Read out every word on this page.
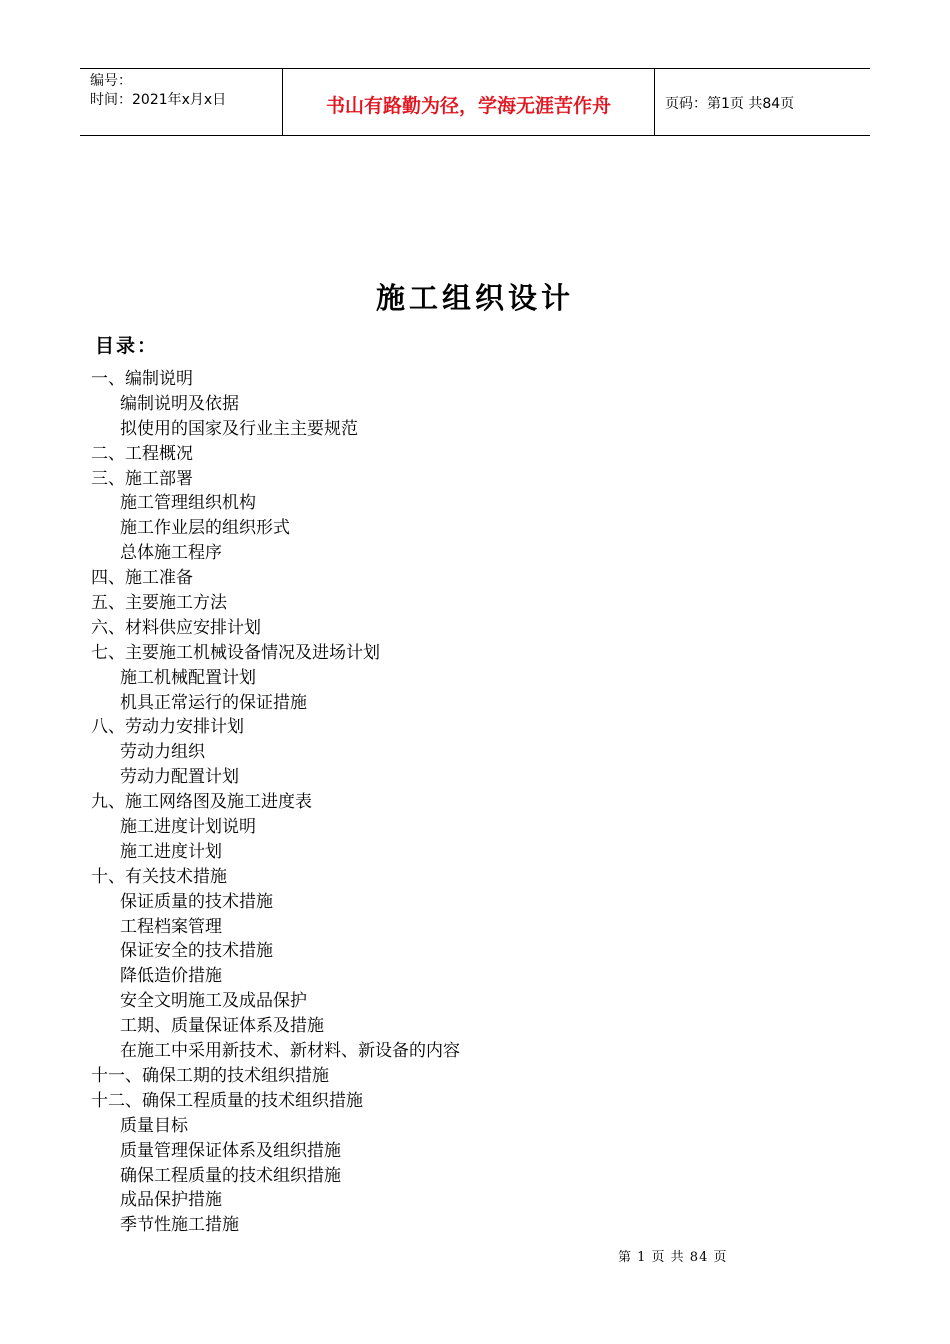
编号：
时间：2021年x月x日	书山有路勤为径，学海无涯苦作舟	页码：第1页 共84页
施工组织设计
目录：
一、编制说明
编制说明及依据
拟使用的国家及行业主主要规范
二、工程概况
三、施工部署
施工管理组织机构
施工作业层的组织形式
总体施工程序
四、施工准备
五、主要施工方法
六、材料供应安排计划
七、主要施工机械设备情况及进场计划
施工机械配置计划
机具正常运行的保证措施
八、劳动力安排计划
劳动力组织
劳动力配置计划
九、施工网络图及施工进度表
施工进度计划说明
施工进度计划
十、有关技术措施
保证质量的技术措施
工程档案管理
保证安全的技术措施
降低造价措施
安全文明施工及成品保护
工期、质量保证体系及措施
在施工中采用新技术、新材料、新设备的内容
十一、确保工期的技术组织措施
十二、确保工程质量的技术组织措施
质量目标
质量管理保证体系及组织措施
确保工程质量的技术组织措施
成品保护措施
季节性施工措施
第 1 页 共 84 页
